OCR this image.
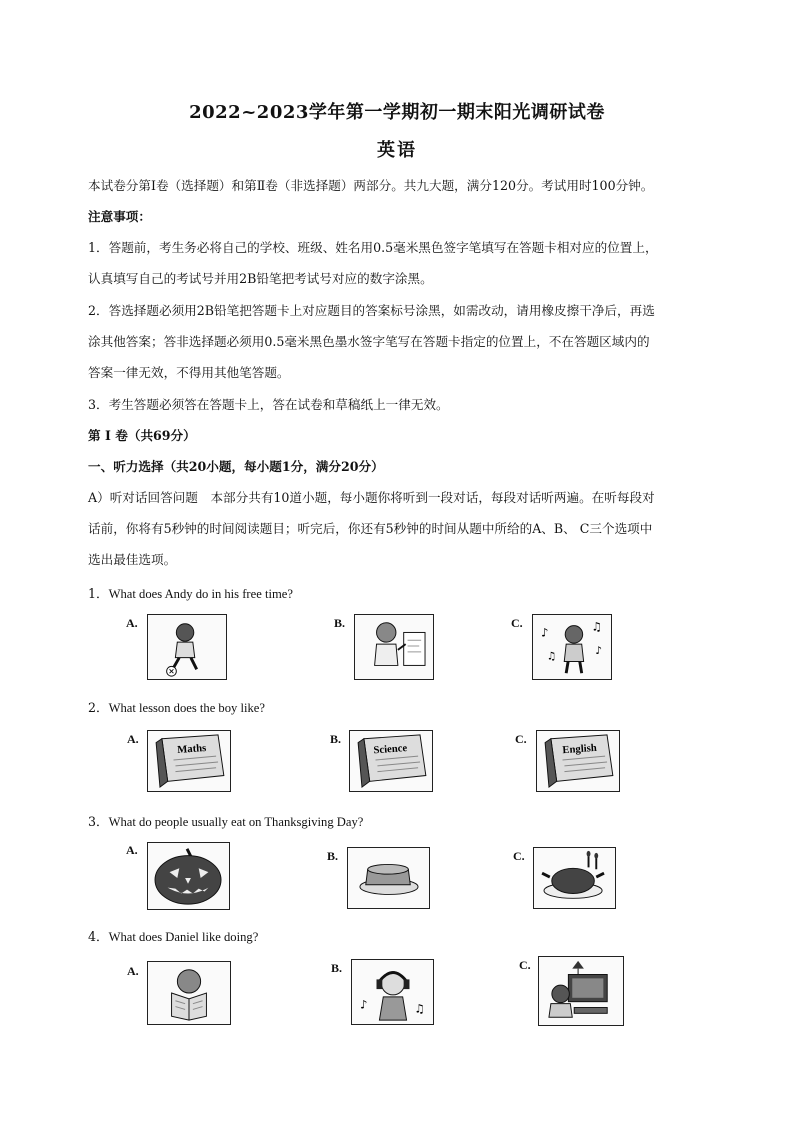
2022~2023学年第一学期初一期末阳光调研试卷
英语
本试卷分第Ⅰ卷（选择题）和第Ⅱ卷（非选择题）两部分。共九大题，满分120分。考试用时100分钟。
注意事项：
1．答题前，考生务必将自己的学校、班级、姓名用0.5毫米黑色签字笔填写在答题卡相对应的位置上，
认真填写自己的考试号并用2B铅笔把考试号对应的数字涂黑。
2．答选择题必须用2B铅笔把答题卡上对应题目的答案标号涂黑，如需改动，请用橡皮擦干净后，再选
涂其他答案；答非选择题必须用0.5毫米黑色墨水签字笔写在答题卡指定的位置上，不在答题区域内的
答案一律无效，不得用其他笔答题。
3．考生答题必须答在答题卡上，答在试卷和草稿纸上一律无效。
第 Ⅰ 卷（共69分）
一、听力选择（共20小题，每小题1分，满分20分）
A）听对话回答问题　本部分共有10道小题，每小题你将听到一段对话，每段对话听两遍。在听每段对
话前，你将有5秒钟的时间阅读题目；听完后，你还有5秒钟的时间从题中所给的A、B、 C三个选项中
选出最佳选项。
1．What does Andy do in his free time?
A.	B.	C.
♪	♫
♪
♫
2．What lesson does the boy like?
A.
Maths
B.
Science
C.
English
3．What do people usually eat on Thanksgiving Day?
A.	B.	C.
4．What does Daniel like doing?
A.	B.
♪	♫
C.
